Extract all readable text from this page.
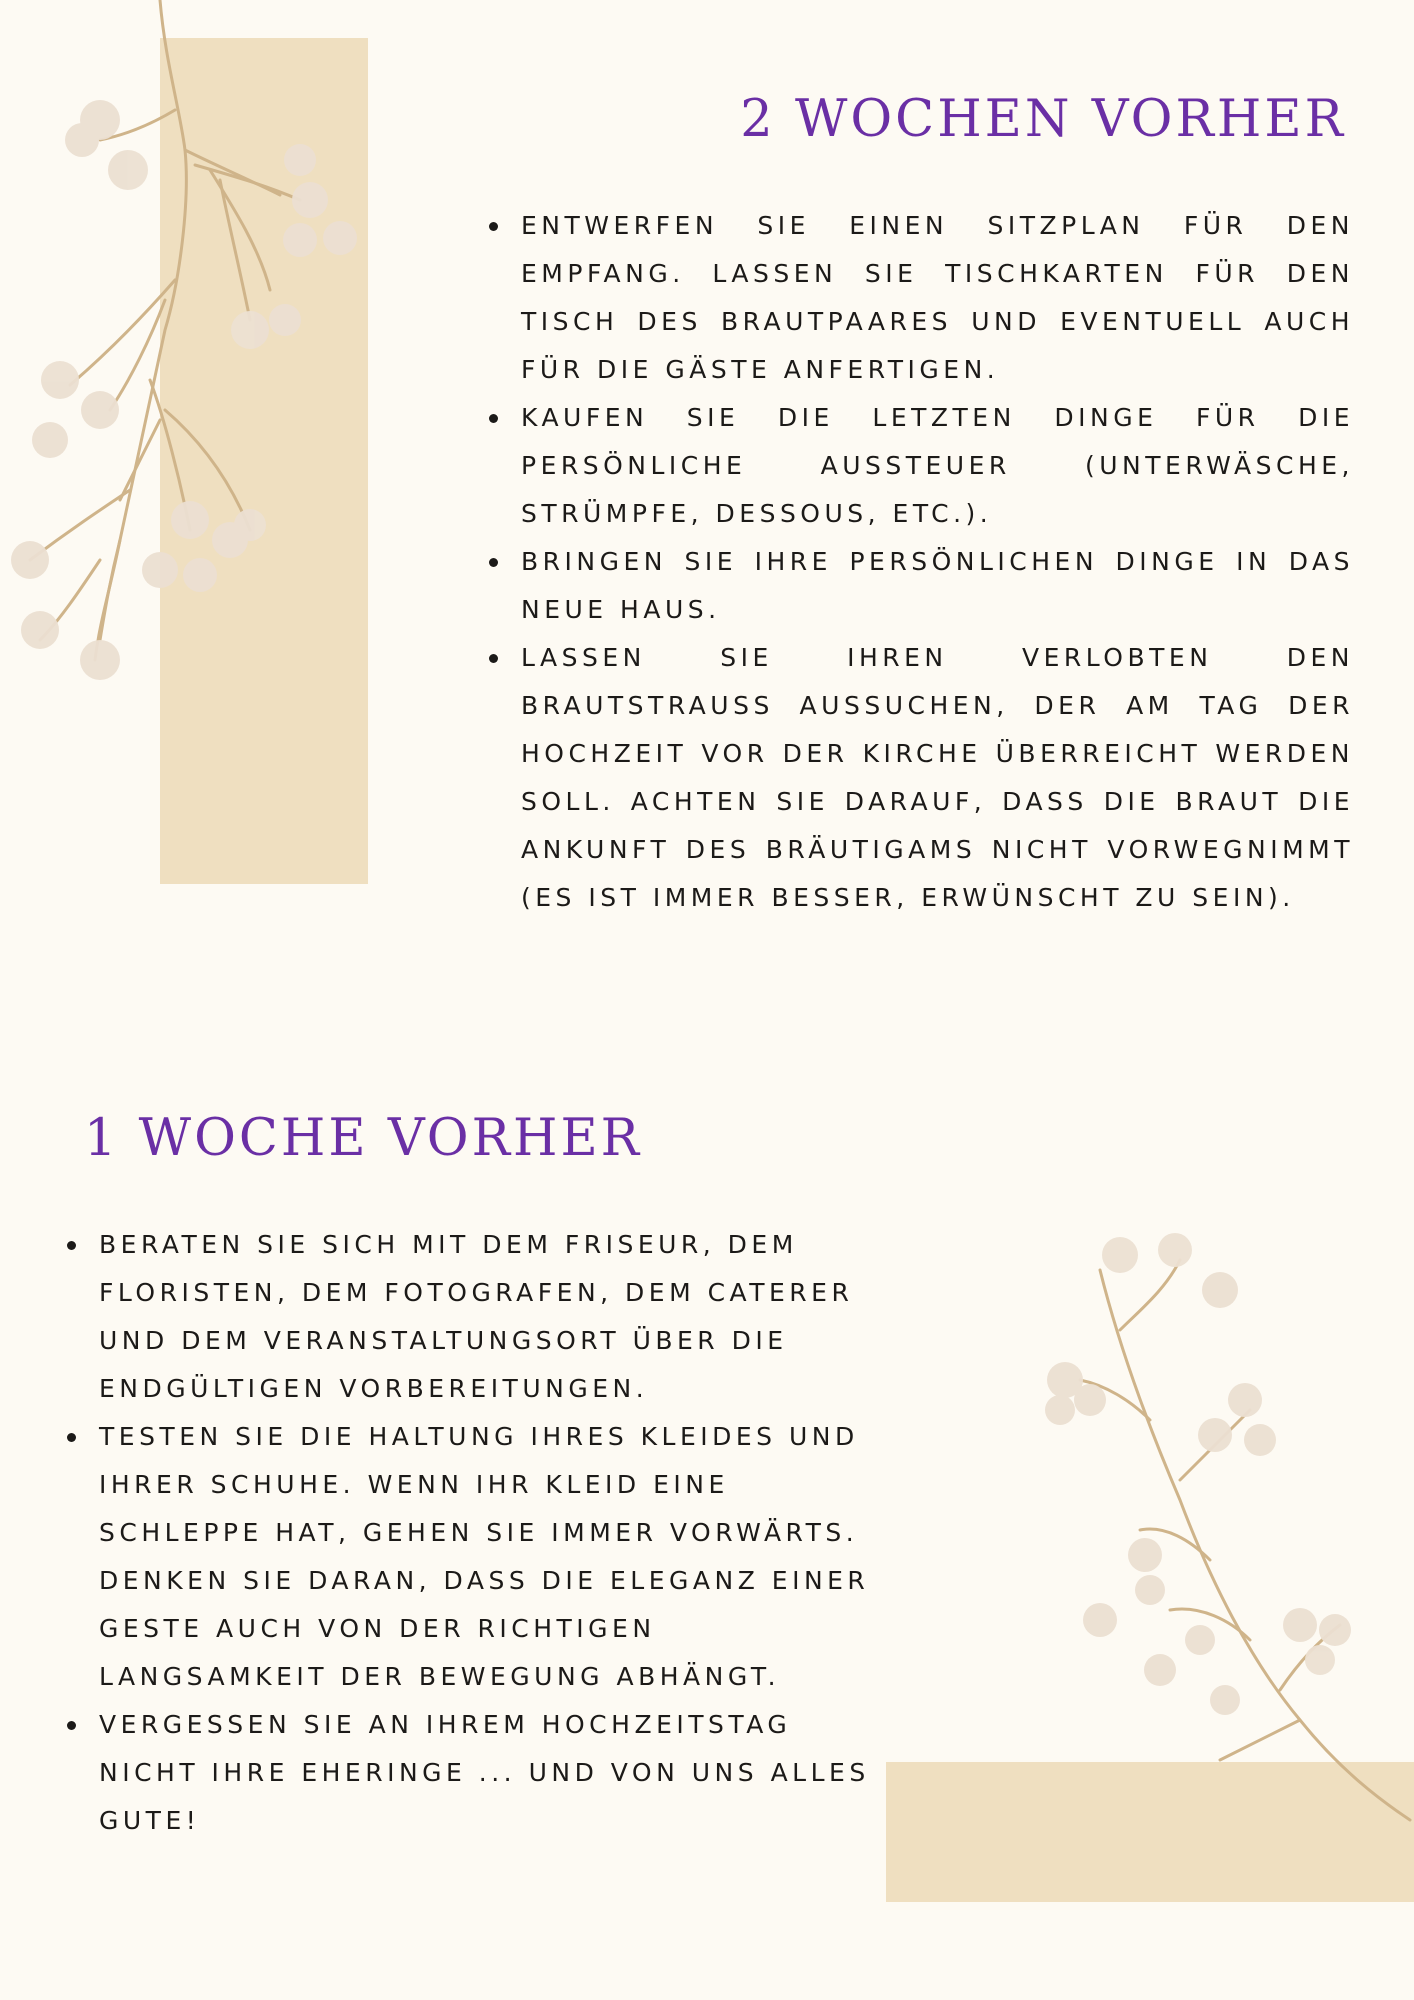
2 WOCHEN VORHER
ENTWERFEN SIE EINEN SITZPLAN FÜR DEN EMPFANG. LASSEN SIE TISCHKARTEN FÜR DEN TISCH DES BRAUTPAARES UND EVENTUELL AUCH FÜR DIE GÄSTE ANFERTIGEN.
KAUFEN SIE DIE LETZTEN DINGE FÜR DIE PERSÖNLICHE AUSSTEUER (UNTERWÄSCHE, STRÜMPFE, DESSOUS, ETC.).
BRINGEN SIE IHRE PERSÖNLICHEN DINGE IN DAS NEUE HAUS.
LASSEN SIE IHREN VERLOBTEN DEN BRAUTSTRAUSS AUSSUCHEN, DER AM TAG DER HOCHZEIT VOR DER KIRCHE ÜBERREICHT WERDEN SOLL. ACHTEN SIE DARAUF, DASS DIE BRAUT DIE ANKUNFT DES BRÄUTIGAMS NICHT VORWEGNIMMT (ES IST IMMER BESSER, ERWÜNSCHT ZU SEIN).
1 WOCHE VORHER
BERATEN SIE SICH MIT DEM FRISEUR, DEM FLORISTEN, DEM FOTOGRAFEN, DEM CATERER UND DEM VERANSTALTUNGSORT ÜBER DIE ENDGÜLTIGEN VORBEREITUNGEN.
TESTEN SIE DIE HALTUNG IHRES KLEIDES UND IHRER SCHUHE. WENN IHR KLEID EINE SCHLEPPE HAT, GEHEN SIE IMMER VORWÄRTS. DENKEN SIE DARAN, DASS DIE ELEGANZ EINER GESTE AUCH VON DER RICHTIGEN LANGSAMKEIT DER BEWEGUNG ABHÄNGT.
VERGESSEN SIE AN IHREM HOCHZEITSTAG NICHT IHRE EHERINGE ... UND VON UNS ALLES GUTE!
